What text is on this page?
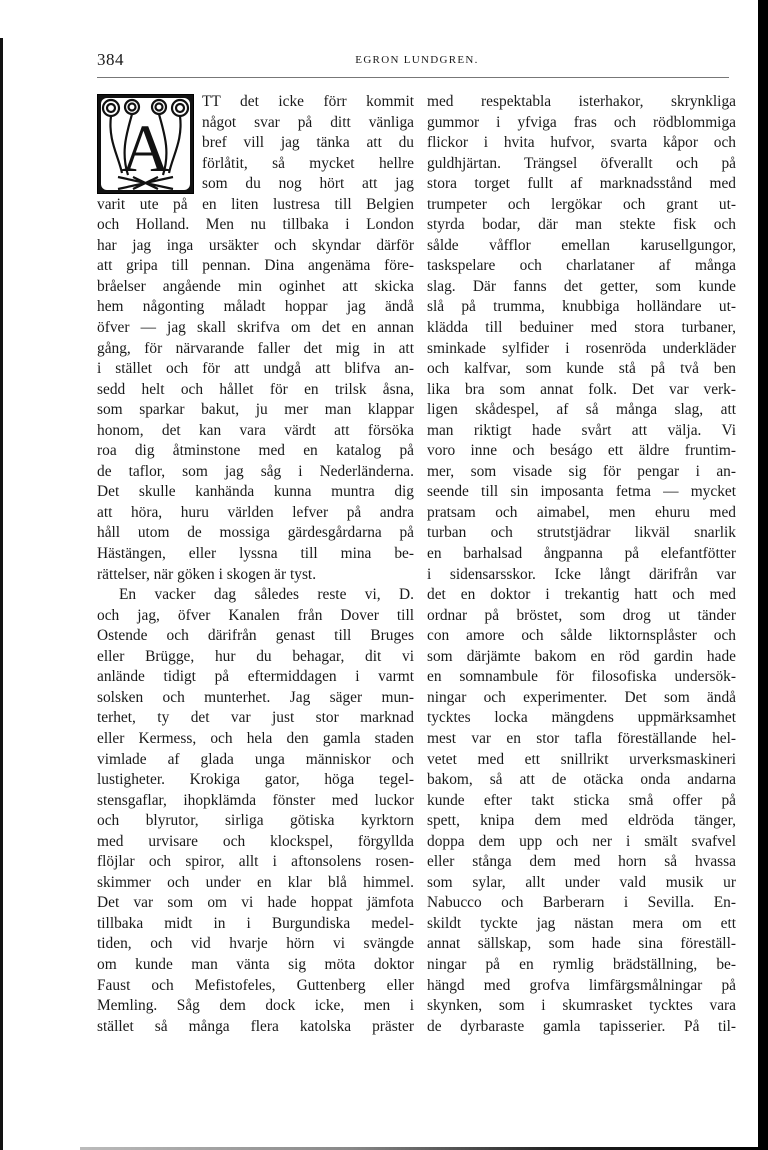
384	EGRON LUNDGREN.
A
TT det icke förr kommit
något svar på ditt vänliga
bref vill jag tänka att du
förlåtit, så mycket hellre
som du nog hört att jag
varit ute på en liten lustresa till Belgien
och Holland. Men nu tillbaka i London
har jag inga ursäkter och skyndar därför
att gripa till pennan. Dina angenäma före-
bråelser angående min oginhet att skicka
hem någonting måladt hoppar jag ändå
öfver — jag skall skrifva om det en annan
gång, för närvarande faller det mig in att
i stället och för att undgå att blifva an-
sedd helt och hållet för en trilsk åsna,
som sparkar bakut, ju mer man klappar
honom, det kan vara värdt att försöka
roa dig åtminstone med en katalog på
de taflor, som jag såg i Nederländerna.
Det skulle kanhända kunna muntra dig
att höra, huru världen lefver på andra
håll utom de mossiga gärdesgårdarna på
Hästängen, eller lyssna till mina be-
rättelser, när göken i skogen är tyst.
En vacker dag således reste vi, D.
och jag, öfver Kanalen från Dover till
Ostende och därifrån genast till Bruges
eller Brügge, hur du behagar, dit vi
anlände tidigt på eftermiddagen i varmt
solsken och munterhet. Jag säger mun-
terhet, ty det var just stor marknad
eller Kermess, och hela den gamla staden
vimlade af glada unga människor och
lustigheter. Krokiga gator, höga tegel-
stensgaflar, ihopklämda fönster med luckor
och blyrutor, sirliga götiska kyrktorn
med urvisare och klockspel, förgyllda
flöjlar och spiror, allt i aftonsolens rosen-
skimmer och under en klar blå himmel.
Det var som om vi hade hoppat jämfota
tillbaka midt in i Burgundiska medel-
tiden, och vid hvarje hörn vi svängde
om kunde man vänta sig möta doktor
Faust och Mefistofeles, Guttenberg eller
Memling. Såg dem dock icke, men i
stället så många flera katolska präster
med respektabla isterhakor, skrynkliga
gummor i yfviga fras och rödblommiga
flickor i hvita hufvor, svarta kåpor och
guldhjärtan. Trängsel öfverallt och på
stora torget fullt af marknadsstånd med
trumpeter och lergökar och grant ut-
styrda bodar, där man stekte fisk och
sålde våfflor emellan karusellgungor,
taskspelare och charlataner af många
slag. Där fanns det getter, som kunde
slå på trumma, knubbiga holländare ut-
klädda till beduiner med stora turbaner,
sminkade sylfider i rosenröda underkläder
och kalfvar, som kunde stå på två ben
lika bra som annat folk. Det var verk-
ligen skådespel, af så många slag, att
man riktigt hade svårt att välja. Vi
voro inne och beságo ett äldre fruntim-
mer, som visade sig för pengar i an-
seende till sin imposanta fetma — mycket
pratsam och aimabel, men ehuru med
turban och strutstjädrar likväl snarlik
en barhalsad ångpanna på elefantfötter
i sidensarsskor. Icke långt därifrån var
det en doktor i trekantig hatt och med
ordnar på bröstet, som drog ut tänder
con amore och sålde liktornsplåster och
som därjämte bakom en röd gardin hade
en somnambule för filosofiska undersök-
ningar och experimenter. Det som ändå
tycktes locka mängdens uppmärksamhet
mest var en stor tafla föreställande hel-
vetet med ett snillrikt urverksmaskineri
bakom, så att de otäcka onda andarna
kunde efter takt sticka små offer på
spett, knipa dem med eldröda tänger,
doppa dem upp och ner i smält svafvel
eller stånga dem med horn så hvassa
som sylar, allt under vald musik ur
Nabucco och Barberarn i Sevilla. En-
skildt tyckte jag nästan mera om ett
annat sällskap, som hade sina föreställ-
ningar på en rymlig brädställning, be-
hängd med grofva limfärgsmålningar på
skynken, som i skumrasket tycktes vara
de dyrbaraste gamla tapisserier. På til-
